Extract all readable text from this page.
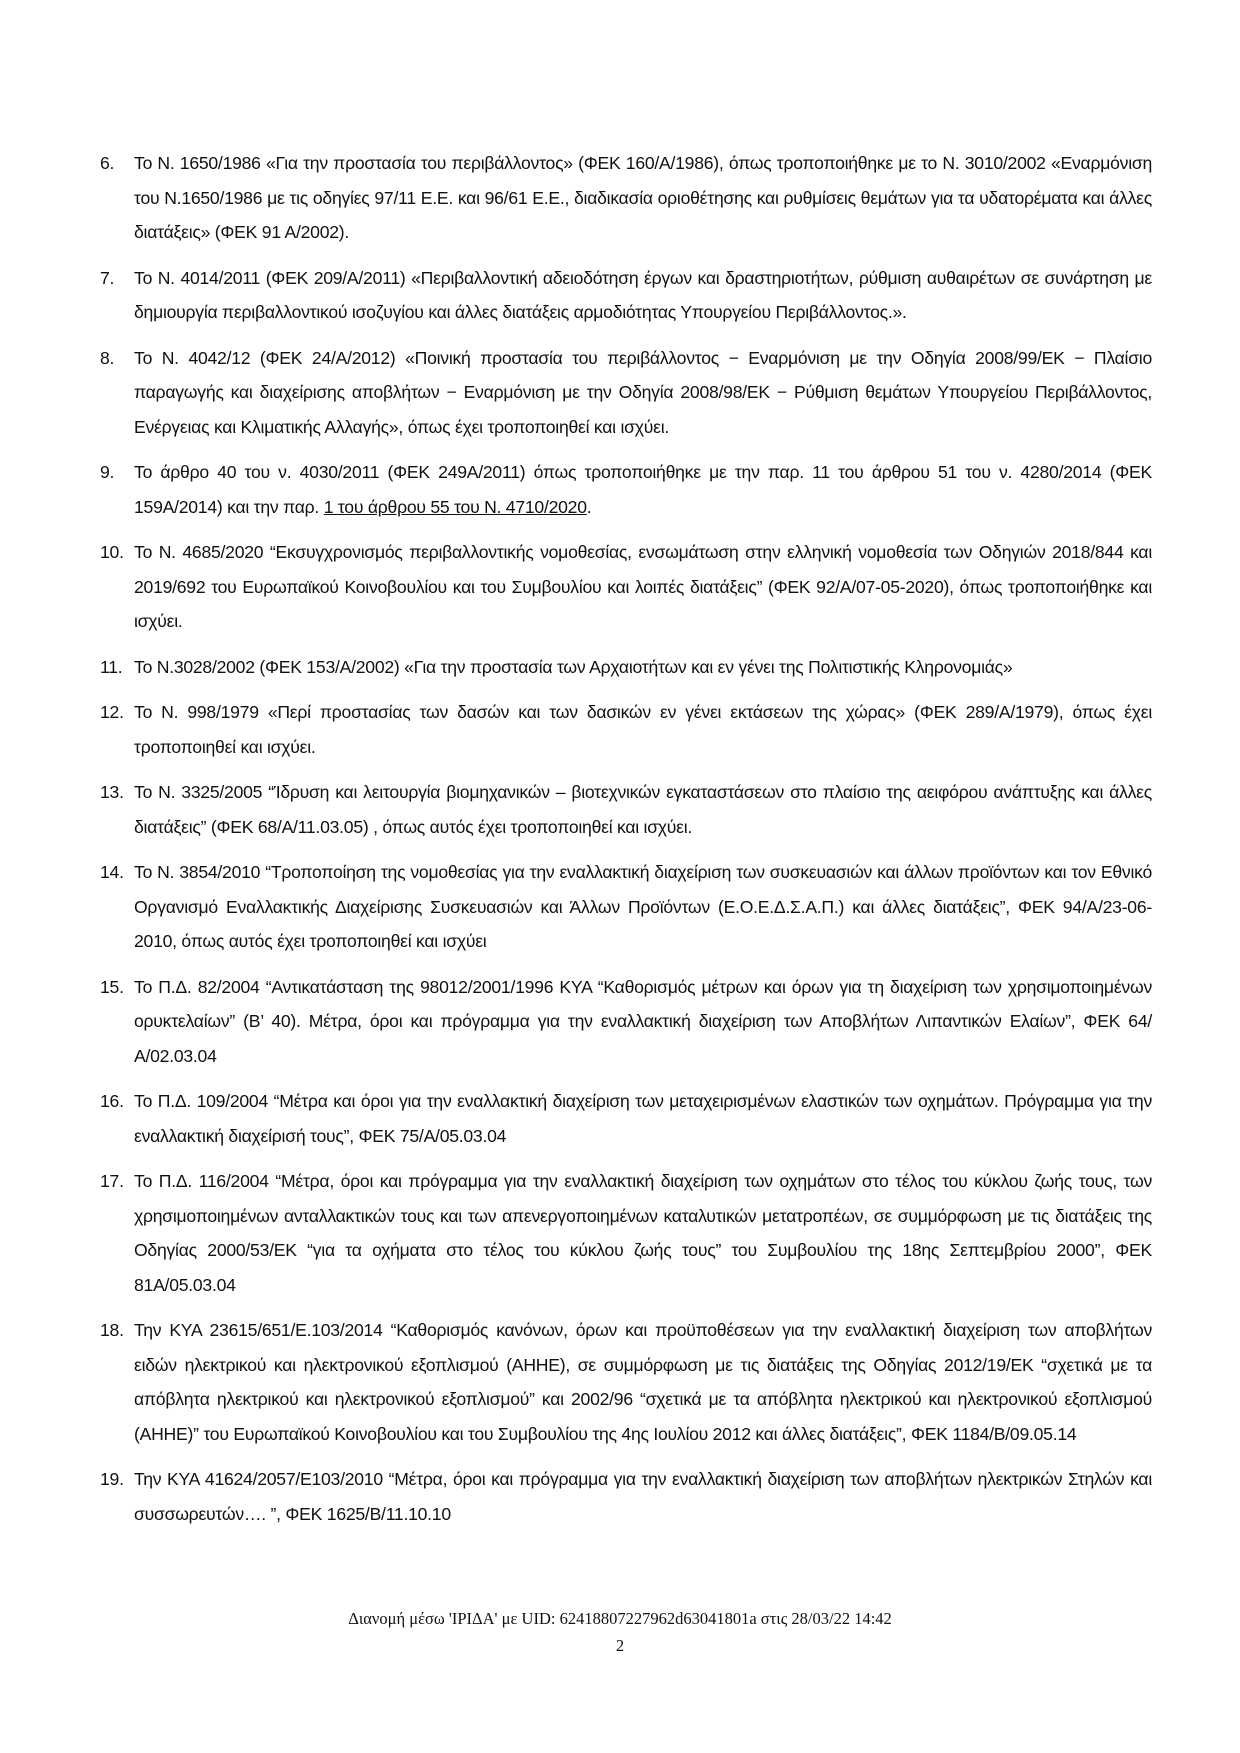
6. Το Ν. 1650/1986 «Για την προστασία του περιβάλλοντος» (ΦΕΚ 160/Α/1986), όπως τροποποιήθηκε με το Ν. 3010/2002 «Εναρμόνιση του Ν.1650/1986 με τις οδηγίες 97/11 Ε.Ε. και 96/61 Ε.Ε., διαδικασία οριοθέτησης και ρυθμίσεις θεμάτων για τα υδατορέματα και άλλες διατάξεις» (ΦΕΚ 91 Α/2002).
7. Το Ν. 4014/2011 (ΦΕΚ 209/Α/2011) «Περιβαλλοντική αδειοδότηση έργων και δραστηριοτήτων, ρύθμιση αυθαιρέτων σε συνάρτηση με δημιουργία περιβαλλοντικού ισοζυγίου και άλλες διατάξεις αρμοδιότητας Υπουργείου Περιβάλλοντος.».
8. Το Ν. 4042/12 (ΦΕΚ 24/Α/2012) «Ποινική προστασία του περιβάλλοντος − Εναρμόνιση με την Οδηγία 2008/99/ΕΚ − Πλαίσιο παραγωγής και διαχείρισης αποβλήτων − Εναρμόνιση με την Οδηγία 2008/98/ΕΚ − Ρύθμιση θεμάτων Υπουργείου Περιβάλλοντος, Ενέργειας και Κλιματικής Αλλαγής», όπως έχει τροποποιηθεί και ισχύει.
9. Το άρθρο 40 του ν. 4030/2011 (ΦΕΚ 249Α/2011) όπως τροποποιήθηκε με την παρ. 11 του άρθρου 51 του ν. 4280/2014 (ΦΕΚ 159Α/2014) και την παρ. 1 του άρθρου 55 του Ν. 4710/2020.
10. Το Ν. 4685/2020 “Εκσυγχρονισμός περιβαλλοντικής νομοθεσίας, ενσωμάτωση στην ελληνική νομοθεσία των Οδηγιών 2018/844 και 2019/692 του Ευρωπαϊκού Κοινοβουλίου και του Συμβουλίου και λοιπές διατάξεις” (ΦΕΚ 92/Α/07-05-2020), όπως τροποποιήθηκε και ισχύει.
11. Το Ν.3028/2002 (ΦΕΚ 153/Α/2002) «Για την προστασία των Αρχαιοτήτων και εν γένει της Πολιτιστικής Κληρονομιάς»
12. Το Ν. 998/1979 «Περί προστασίας των δασών και των δασικών εν γένει εκτάσεων της χώρας» (ΦΕΚ 289/Α/1979), όπως έχει τροποποιηθεί και ισχύει.
13. Το Ν. 3325/2005 “Ίδρυση και λειτουργία βιομηχανικών – βιοτεχνικών εγκαταστάσεων στο πλαίσιο της αειφόρου ανάπτυξης και άλλες διατάξεις” (ΦΕΚ 68/Α/11.03.05) , όπως αυτός έχει τροποποιηθεί και ισχύει.
14. Το Ν. 3854/2010 “Τροποποίηση της νομοθεσίας για την εναλλακτική διαχείριση των συσκευασιών και άλλων προϊόντων και τον Εθνικό Οργανισμό Εναλλακτικής Διαχείρισης Συσκευασιών και Άλλων Προϊόντων (Ε.Ο.Ε.Δ.Σ.Α.Π.) και άλλες διατάξεις”, ΦΕΚ 94/Α/23-06-2010, όπως αυτός έχει τροποποιηθεί και ισχύει
15. Το Π.Δ. 82/2004 “Αντικατάσταση της 98012/2001/1996 ΚΥΑ “Καθορισμός μέτρων και όρων για τη διαχείριση των χρησιμοποιημένων ορυκτελαίων” (Β’ 40). Μέτρα, όροι και πρόγραμμα για την εναλλακτική διαχείριση των Αποβλήτων Λιπαντικών Ελαίων”, ΦΕΚ 64/Α/02.03.04
16. Το Π.Δ. 109/2004 “Μέτρα και όροι για την εναλλακτική διαχείριση των μεταχειρισμένων ελαστικών των οχημάτων. Πρόγραμμα για την εναλλακτική διαχείρισή τους”, ΦΕΚ 75/Α/05.03.04
17. Το Π.Δ. 116/2004 “Μέτρα, όροι και πρόγραμμα για την εναλλακτική διαχείριση των οχημάτων στο τέλος του κύκλου ζωής τους, των χρησιμοποιημένων ανταλλακτικών τους και των απενεργοποιημένων καταλυτικών μετατροπέων, σε συμμόρφωση με τις διατάξεις της Οδηγίας 2000/53/ΕΚ “για τα οχήματα στο τέλος του κύκλου ζωής τους” του Συμβουλίου της 18ης Σεπτεμβρίου 2000”, ΦΕΚ 81Α/05.03.04
18. Την ΚΥΑ 23615/651/Ε.103/2014 “Καθορισμός κανόνων, όρων και προϋποθέσεων για την εναλλακτική διαχείριση των αποβλήτων ειδών ηλεκτρικού και ηλεκτρονικού εξοπλισμού (ΑΗΗΕ), σε συμμόρφωση με τις διατάξεις της Οδηγίας 2012/19/ΕΚ “σχετικά με τα απόβλητα ηλεκτρικού και ηλεκτρονικού εξοπλισμού” και 2002/96 “σχετικά με τα απόβλητα ηλεκτρικού και ηλεκτρονικού εξοπλισμού (ΑΗΗΕ)” του Ευρωπαϊκού Κοινοβουλίου και του Συμβουλίου της 4ης Ιουλίου 2012 και άλλες διατάξεις”, ΦΕΚ 1184/Β/09.05.14
19. Την ΚΥΑ 41624/2057/Ε103/2010 “Μέτρα, όροι και πρόγραμμα για την εναλλακτική διαχείριση των αποβλήτων ηλεκτρικών Στηλών και συσσωρευτών…. ”, ΦΕΚ 1625/Β/11.10.10
Διανομή μέσω 'ΙΡΙΔΑ' με UID: 62418807227962d63041801a στις 28/03/22 14:42
2
